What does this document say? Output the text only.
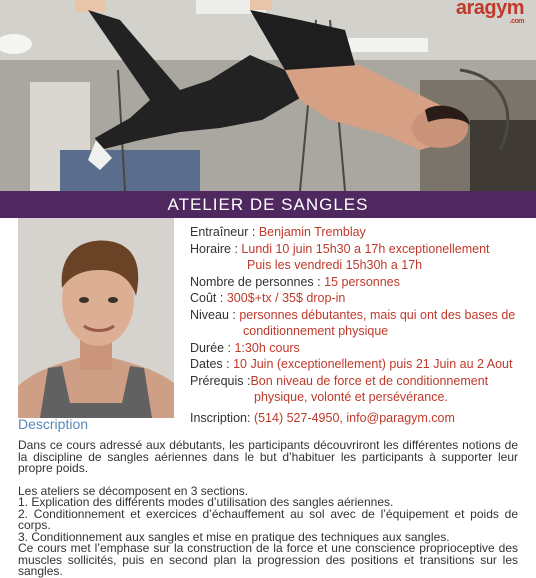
aragym
.com
ATELIER DE SANGLES
Entraîneur :
Benjamin Tremblay
Horaire :
Lundi 10 juin 15h30 a 17h exceptionellement
Puis les vendredi 15h30h a 17h
Nombre de personnes :
15 personnes
Coût :
300$+tx / 35$ drop-in
Niveau :
personnes débutantes, mais qui ont des bases de
conditionnement physique
Durée :
1:30h cours
Dates :
10 Juin (exceptionellement) puis 21 Juin au 2 Aout
Prérequis : Bon niveau de force et de conditionnement
physique, volonté et persévérance.
Inscription:
(514) 527-4950, info@paragym.com
Description

Dans ce cours adressé aux débutants, les participants découvriront les différentes notions de la discipline de sangles aériennes dans le but d’habituer les participants à supporter leur propre poids.

Les ateliers se décomposent en 3 sections.

1. Explication des différents modes d’utilisation des sangles aériennes.

2. Conditionnement et exercices d’échauffement au sol avec de l’équipement et poids de corps.

3. Conditionnement aux sangles et mise en pratique des techniques aux sangles.

Ce cours met l’emphase sur la construction de la force et une conscience proprioceptive des muscles sollicités, puis en second plan la progression des positions et transitions sur les sangles.
